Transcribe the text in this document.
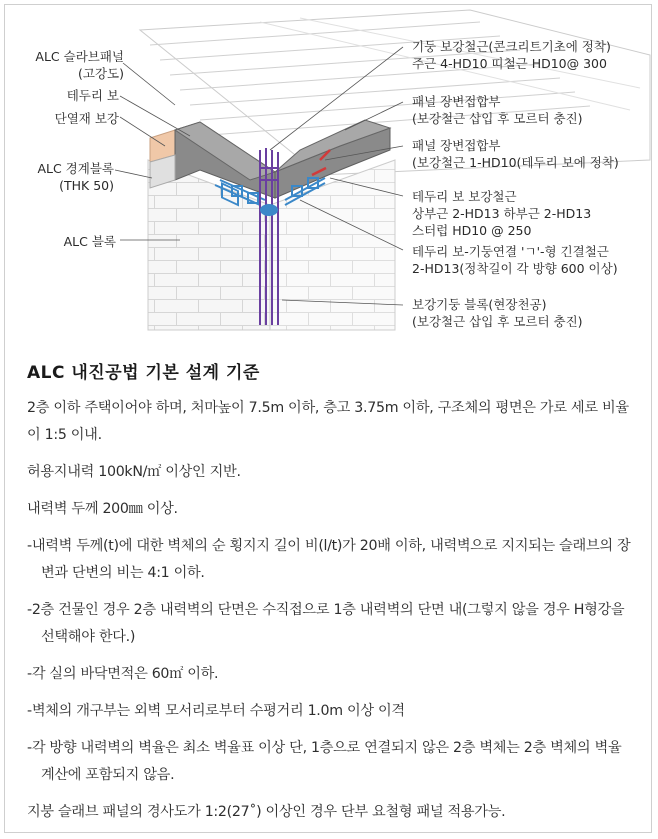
ALC 슬라브패널
(고강도)
테두리 보
단열재 보강
ALC 경계블록
(THK 50)
ALC 블록
기둥 보강철근(콘크리트기초에 정착)
주근 4-HD10 띠철근 HD10@ 300
패널 장변접합부
(보강철근 삽입 후 모르터 충진)
패널 장변접합부
(보강철근 1-HD10(테두리 보에 정착)
테두리 보 보강철근
상부근 2-HD13 하부근 2-HD13
스터럽 HD10 @ 250
테두리 보-기둥연결 'ㄱ'-형 긴결철근
2-HD13(정착길이 각 방향 600 이상)
보강기둥 블록(현장천공)
(보강철근 삽입 후 모르터 충진)
ALC 내진공법 기본 설계 기준
2층 이하 주택이어야 하며, 처마높이 7.5m 이하, 층고 3.75m 이하, 구조체의 평면은 가로 세로 비율이 1:5 이내.
허용지내력 100kN/㎡ 이상인 지반.
내력벽 두께 200㎜ 이상.
-내력벽 두께(t)에 대한 벽체의 순 횡지지 길이 비(l/t)가 20배 이하, 내력벽으로 지지되는 슬래브의 장변과 단변의 비는 4:1 이하.
-2층 건물인 경우 2층 내력벽의 단면은 수직접으로 1층 내력벽의 단면 내(그렇지 않을 경우 H형강을 선택해야 한다.)
-각 실의 바닥면적은 60㎡ 이하.
-벽체의 개구부는 외벽 모서리로부터 수평거리 1.0m 이상 이격
-각 방향 내력벽의 벽율은 최소 벽율표 이상 단, 1층으로 연결되지 않은 2층 벽체는 2층 벽체의 벽율 계산에 포함되지 않음.
지붕 슬래브 패널의 경사도가 1:2(27˚) 이상인 경우 단부 요철형 패널 적용가능.
